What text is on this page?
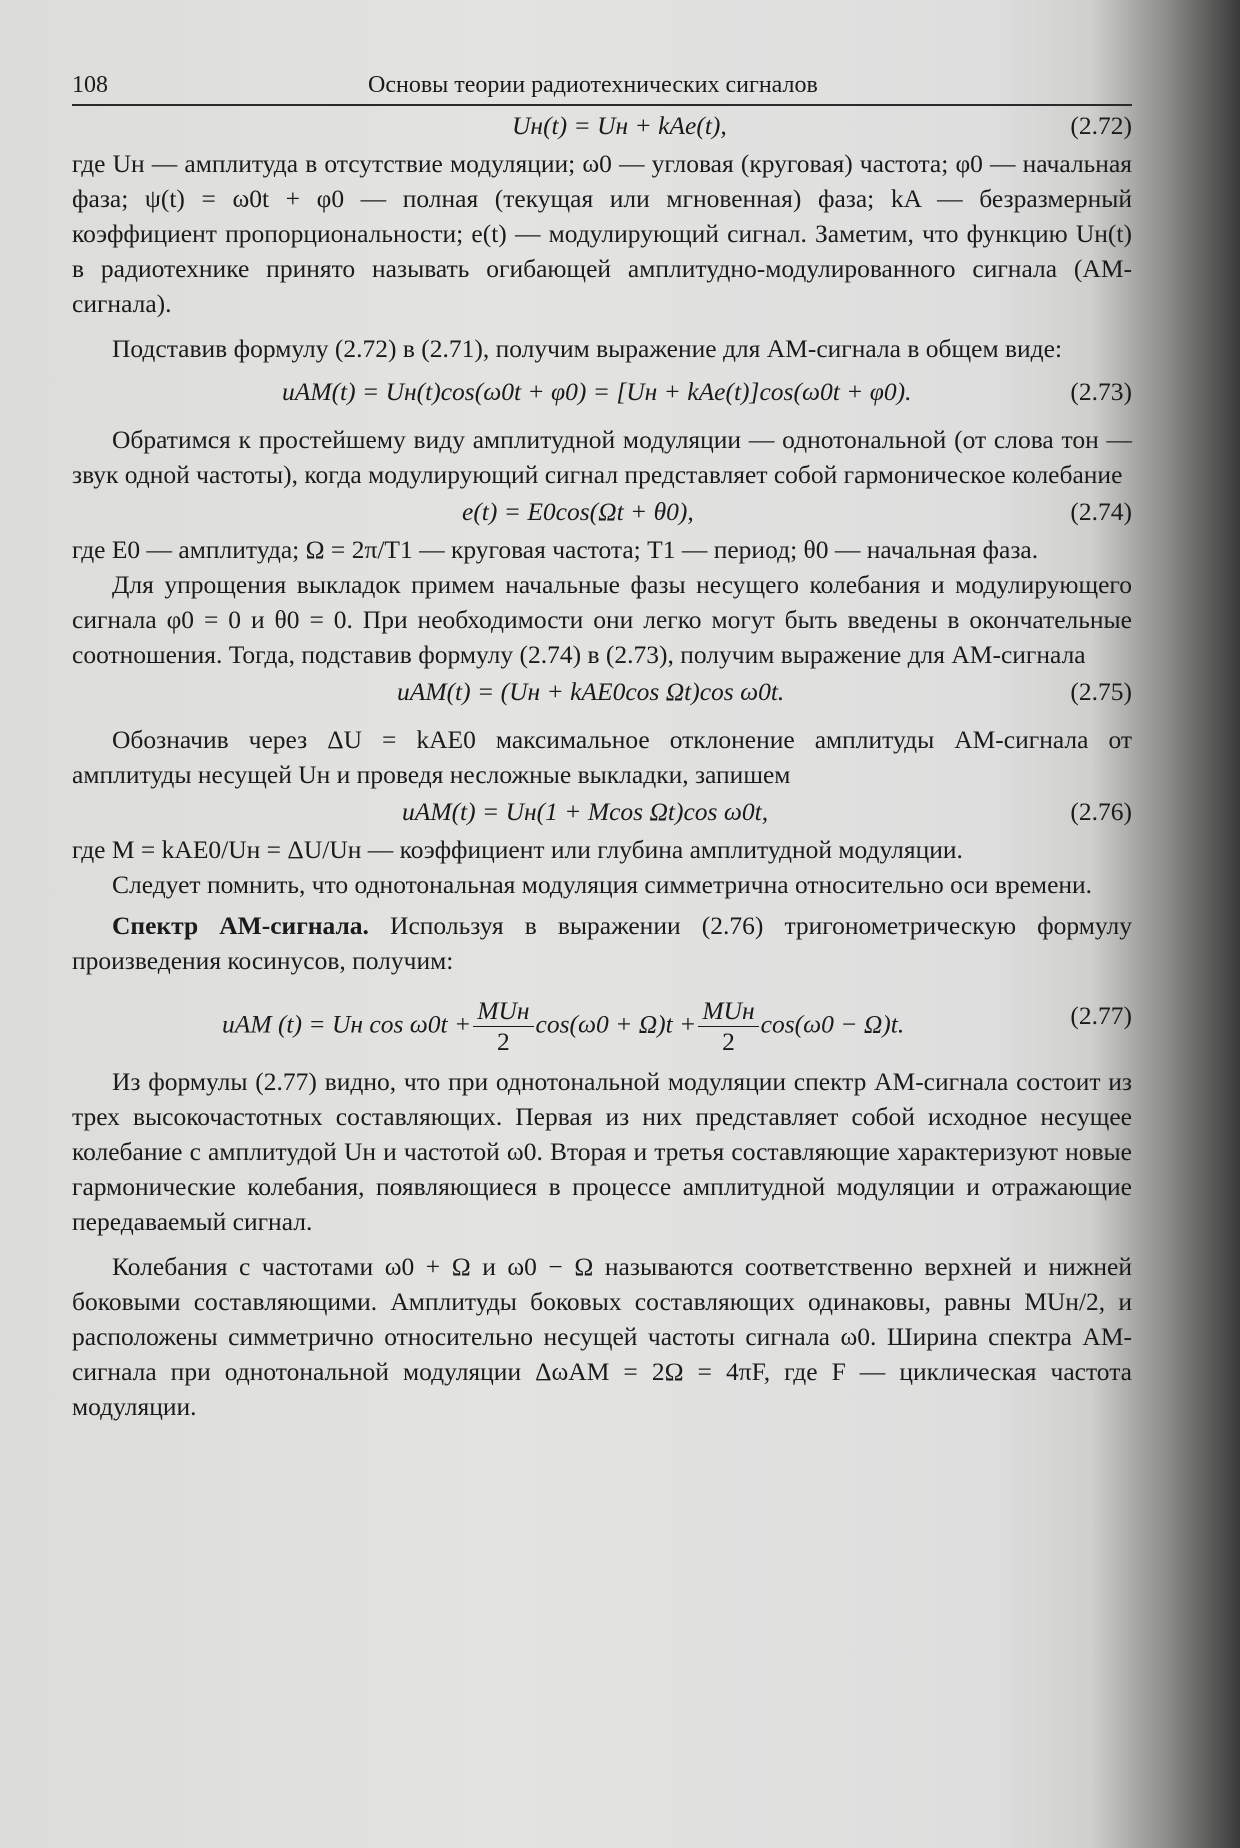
108	Основы теории радиотехнических сигналов
Uн(t) = Uн + kAe(t),	(2.72)

где Uн — амплитуда в отсутствие модуляции; ω0 — угловая (круговая) частота; φ0 — начальная фаза; ψ(t) = ω0t + φ0 — полная (текущая или мгновенная) фаза; kA — безразмерный коэффициент пропорциональности; e(t) — модулирующий сигнал. Заметим, что функцию Uн(t) в радиотехнике принято называть огибающей амплитудно-модулированного сигнала (АМ-сигнала).

Подставив формулу (2.72) в (2.71), получим выражение для АМ-сигнала в общем виде:

uAM(t) = Uн(t)cos(ω0t + φ0) = [Uн + kAe(t)]cos(ω0t + φ0).	(2.73)

Обратимся к простейшему виду амплитудной модуляции — однотональной (от слова тон — звук одной частоты), когда модулирующий сигнал представляет собой гармоническое колебание

e(t) = E0cos(Ωt + θ0),	(2.74)

где E0 — амплитуда; Ω = 2π/T1 — круговая частота; T1 — период; θ0 — начальная фаза.

Для упрощения выкладок примем начальные фазы несущего колебания и модулирующего сигнала φ0 = 0 и θ0 = 0. При необходимости они легко могут быть введены в окончательные соотношения. Тогда, подставив формулу (2.74) в (2.73), получим выражение для АМ-сигнала

uAM(t) = (Uн + kAE0cos Ωt)cos ω0t.	(2.75)

Обозначив через ΔU = kAE0 максимальное отклонение амплитуды АМ-сигнала от амплитуды несущей Uн и проведя несложные выкладки, запишем

uAM(t) = Uн(1 + Mcos Ωt)cos ω0t,	(2.76)

где M = kAE0/Uн = ΔU/Uн — коэффициент или глубина амплитудной модуляции.

Следует помнить, что однотональная модуляция симметрична относительно оси времени.

Спектр АМ-сигнала. Используя в выражении (2.76) тригонометрическую формулу произведения косинусов, получим:

uAM (t) = Uн $\cos \omega 0t + \frac{\text{MUн}}{2} \cos(\omega 0 + \Omega)t + \frac{\text{MUн}}{2} \cos(\omega 0 - \Omega)t$.	(2.77)

Из формулы (2.77) видно, что при однотональной модуляции спектр АМ-сигнала состоит из трех высокочастотных составляющих. Первая из них представляет собой исходное несущее колебание с амплитудой Uн и частотой ω0. Вторая и третья составляющие характеризуют новые гармонические колебания, появляющиеся в процессе амплитудной модуляции и отражающие передаваемый сигнал.

Колебания с частотами ω0 + Ω и ω0 − Ω называются соответственно верхней и нижней боковыми составляющими. Амплитуды боковых составляющих одинаковы, равны MUн/2, и расположены симметрично относительно несущей частоты сигнала ω0. Ширина спектра АМ-сигнала при однотональной модуляции ΔωAM = 2Ω = 4πF, где F — циклическая частота модуляции.
